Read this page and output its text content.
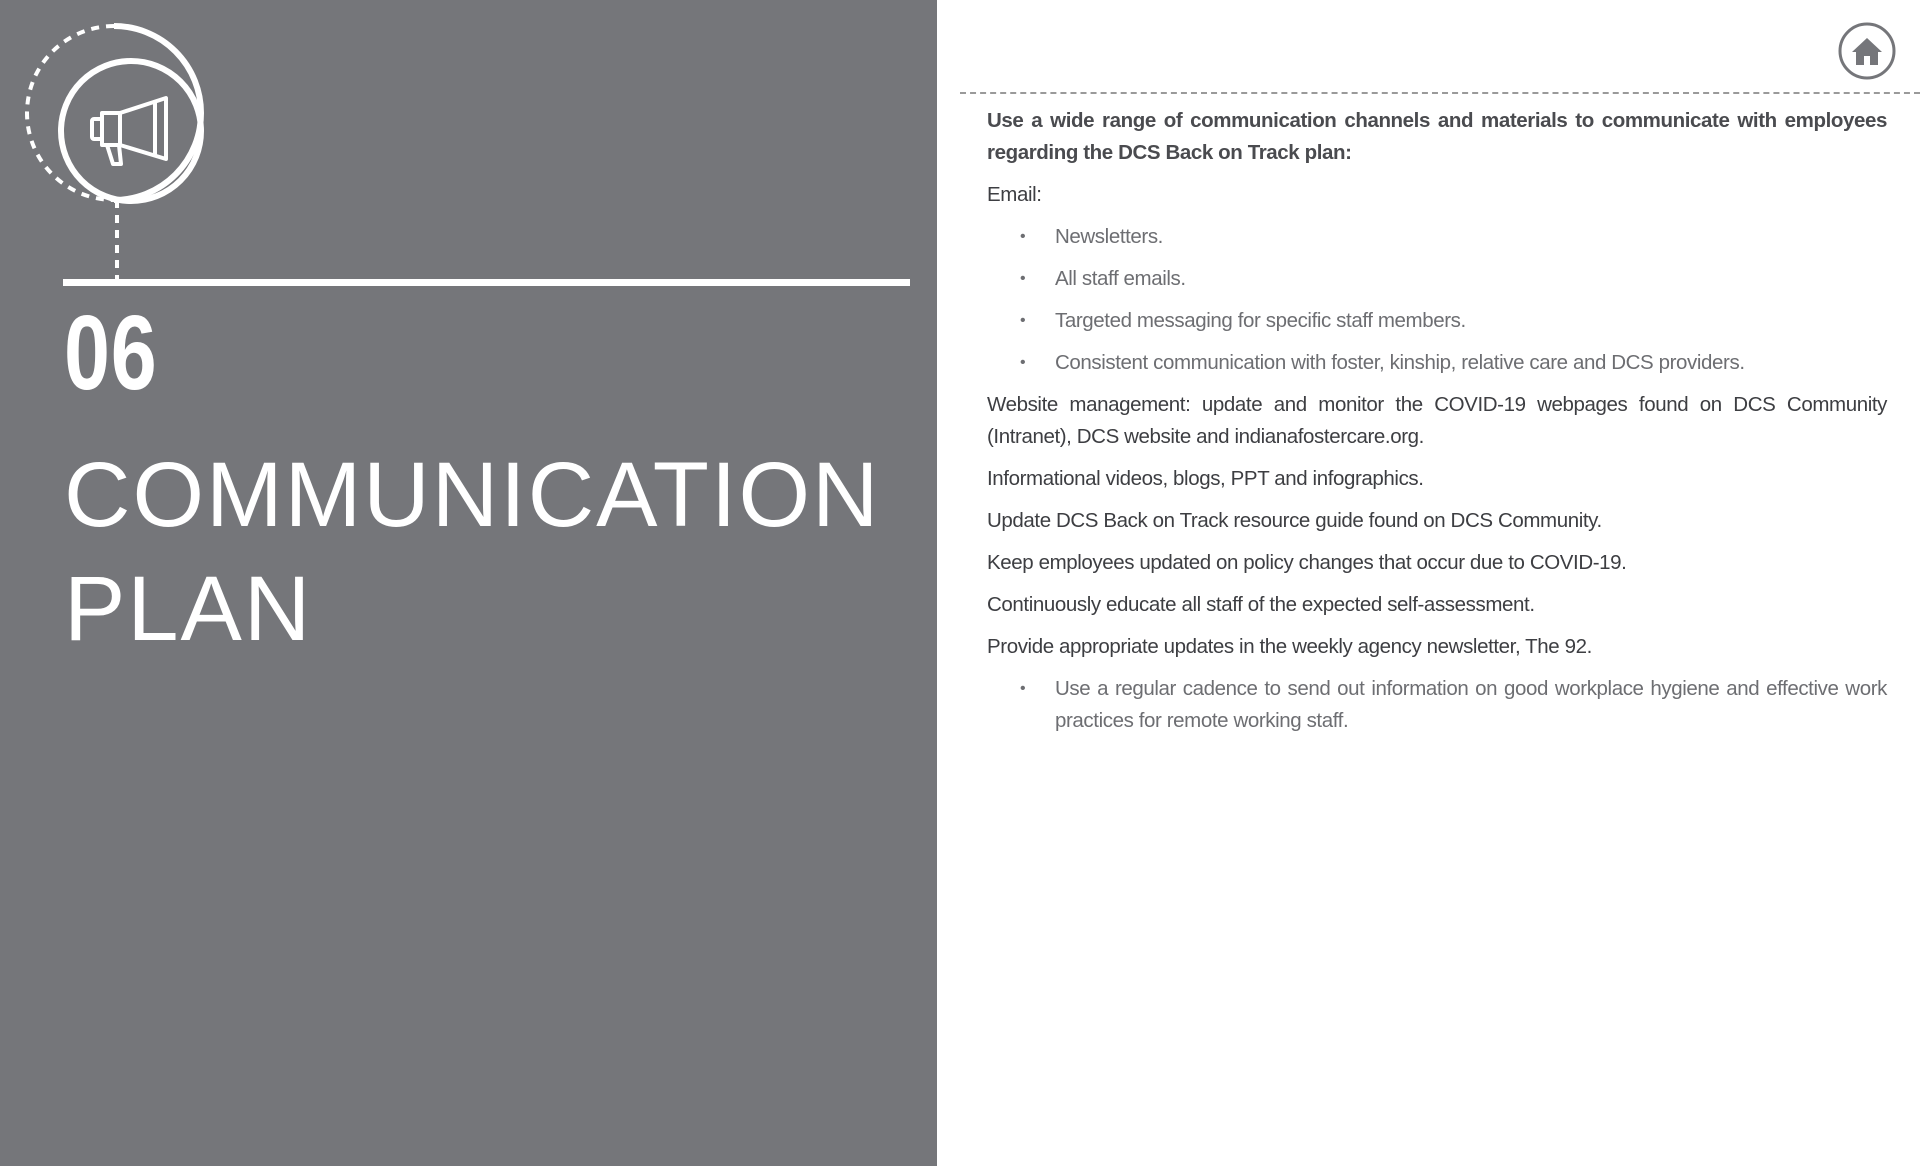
06
COMMUNICATION
PLAN

Use a wide range of communication channels and materials to communicate with employees regarding the DCS Back on Track plan:

Email:

• Newsletters.
• All staff emails.
• Targeted messaging for specific staff members.
• Consistent communication with foster, kinship, relative care and DCS providers.

Website management: update and monitor the COVID-19 webpages found on DCS Community (Intranet), DCS website and indianafostercare.org.

Informational videos, blogs, PPT and infographics.

Update DCS Back on Track resource guide found on DCS Community.

Keep employees updated on policy changes that occur due to COVID-19.

Continuously educate all staff of the expected self-assessment.

Provide appropriate updates in the weekly agency newsletter, The 92.

• Use a regular cadence to send out information on good workplace hygiene and effective work practices for remote working staff.
